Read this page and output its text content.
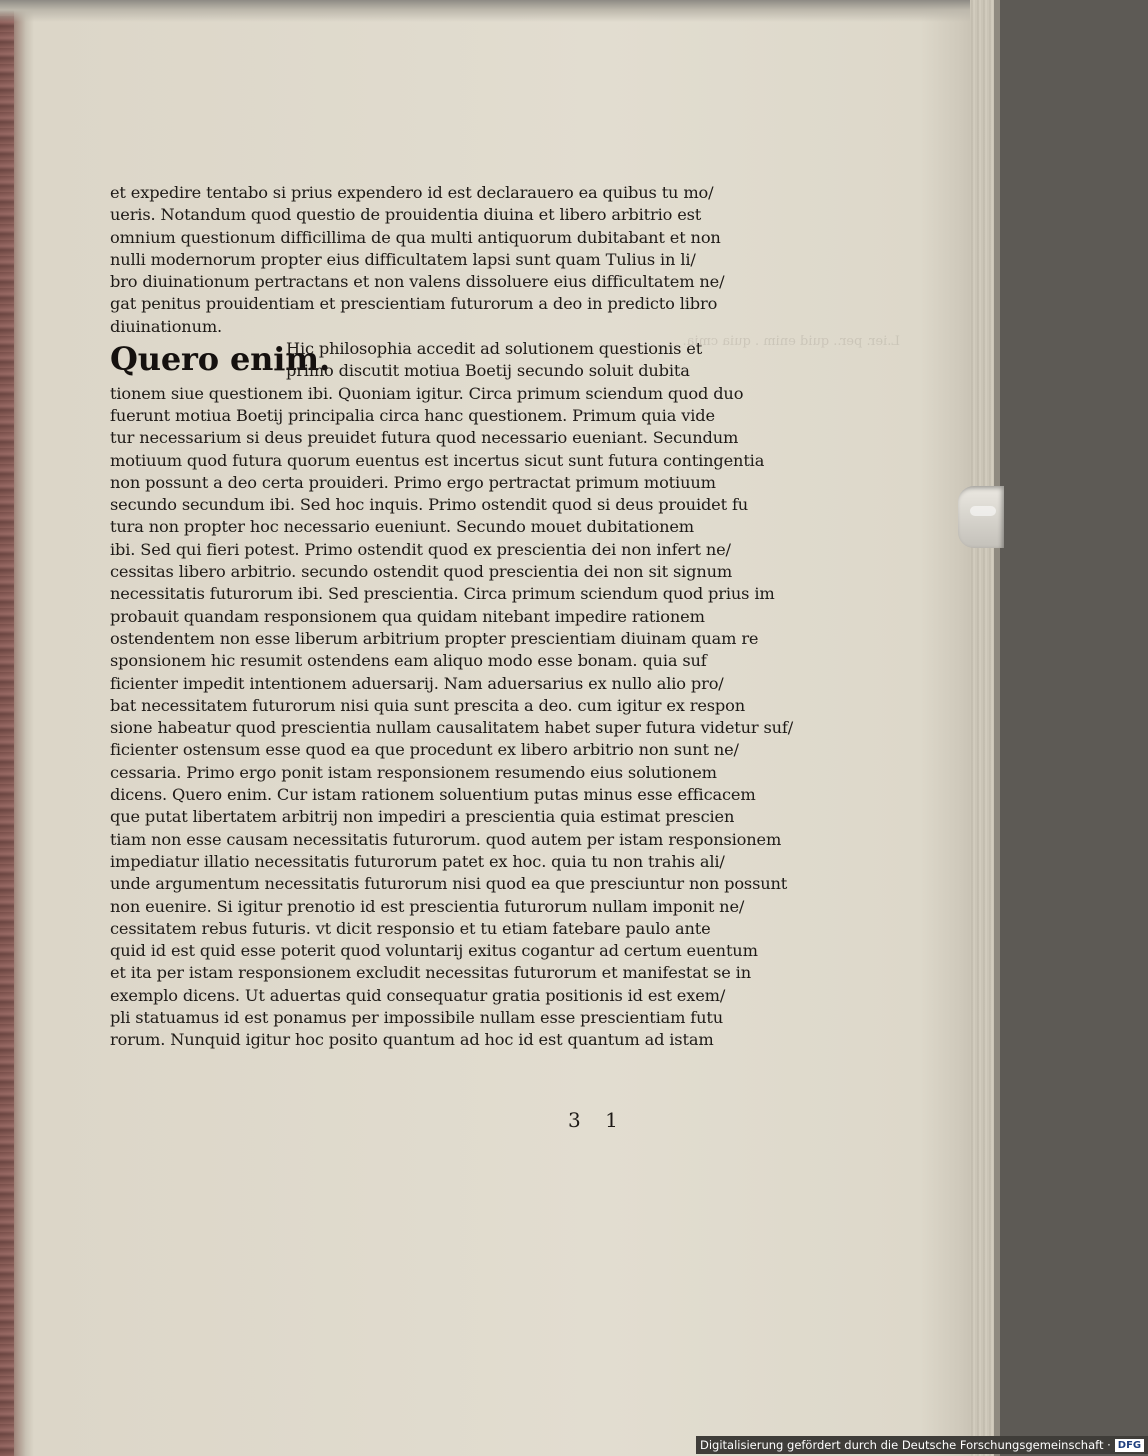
L.ier. per.. quid enim . quia cmia.
et expedire tentabo si prius expendero id est declarauero ea quibus tu mo/
ueris. Notandum quod questio de prouidentia diuina et libero arbitrio est
omnium questionum difficillima de qua multi antiquorum dubitabant et non
nulli modernorum propter eius difficultatem lapsi sunt quam Tulius in li/
bro diuinationum pertractans et non valens dissoluere eius difficultatem ne/
gat penitus prouidentiam et prescientiam futurorum a deo in predicto libro
diuinationum.
Quero enim.
Hic philosophia accedit ad solutionem questionis et
primo discutit motiua Boetij secundo soluit dubita
tionem siue questionem ibi. Quoniam igitur. Circa primum sciendum quod duo
fuerunt motiua Boetij principalia circa hanc questionem. Primum quia vide
tur necessarium si deus preuidet futura quod necessario eueniant. Secundum
motiuum quod futura quorum euentus est incertus sicut sunt futura contingentia
non possunt a deo certa prouideri. Primo ergo pertractat primum motiuum
secundo secundum ibi. Sed hoc inquis. Primo ostendit quod si deus prouidet fu
tura non propter hoc necessario eueniunt. Secundo mouet dubitationem
ibi. Sed qui fieri potest. Primo ostendit quod ex prescientia dei non infert ne/
cessitas libero arbitrio. secundo ostendit quod prescientia dei non sit signum
necessitatis futurorum ibi. Sed prescientia. Circa primum sciendum quod prius im
probauit quandam responsionem qua quidam nitebant impedire rationem
ostendentem non esse liberum arbitrium propter prescientiam diuinam quam re
sponsionem hic resumit ostendens eam aliquo modo esse bonam. quia suf
ficienter impedit intentionem aduersarij. Nam aduersarius ex nullo alio pro/
bat necessitatem futurorum nisi quia sunt prescita a deo. cum igitur ex respon
sione habeatur quod prescientia nullam causalitatem habet super futura videtur suf/
ficienter ostensum esse quod ea que procedunt ex libero arbitrio non sunt ne/
cessaria. Primo ergo ponit istam responsionem resumendo eius solutionem
dicens. Quero enim. Cur istam rationem soluentium putas minus esse efficacem
que putat libertatem arbitrij non impediri a prescientia quia estimat prescien
tiam non esse causam necessitatis futurorum. quod autem per istam responsionem
impediatur illatio necessitatis futurorum patet ex hoc. quia tu non trahis ali/
unde argumentum necessitatis futurorum nisi quod ea que presciuntur non possunt
non euenire. Si igitur prenotio id est prescientia futurorum nullam imponit ne/
cessitatem rebus futuris. vt dicit responsio et tu etiam fatebare paulo ante
quid id est quid esse poterit quod voluntarij exitus cogantur ad certum euentum
et ita per istam responsionem excludit necessitas futurorum et manifestat se in
exemplo dicens. Ut aduertas quid consequatur gratia positionis id est exem/
pli statuamus id est ponamus per impossibile nullam esse prescientiam futu
rorum. Nunquid igitur hoc posito quantum ad hoc id est quantum ad istam
3 1
Digitalisierung gefördert durch die Deutsche Forschungsgemeinschaft · DFG
